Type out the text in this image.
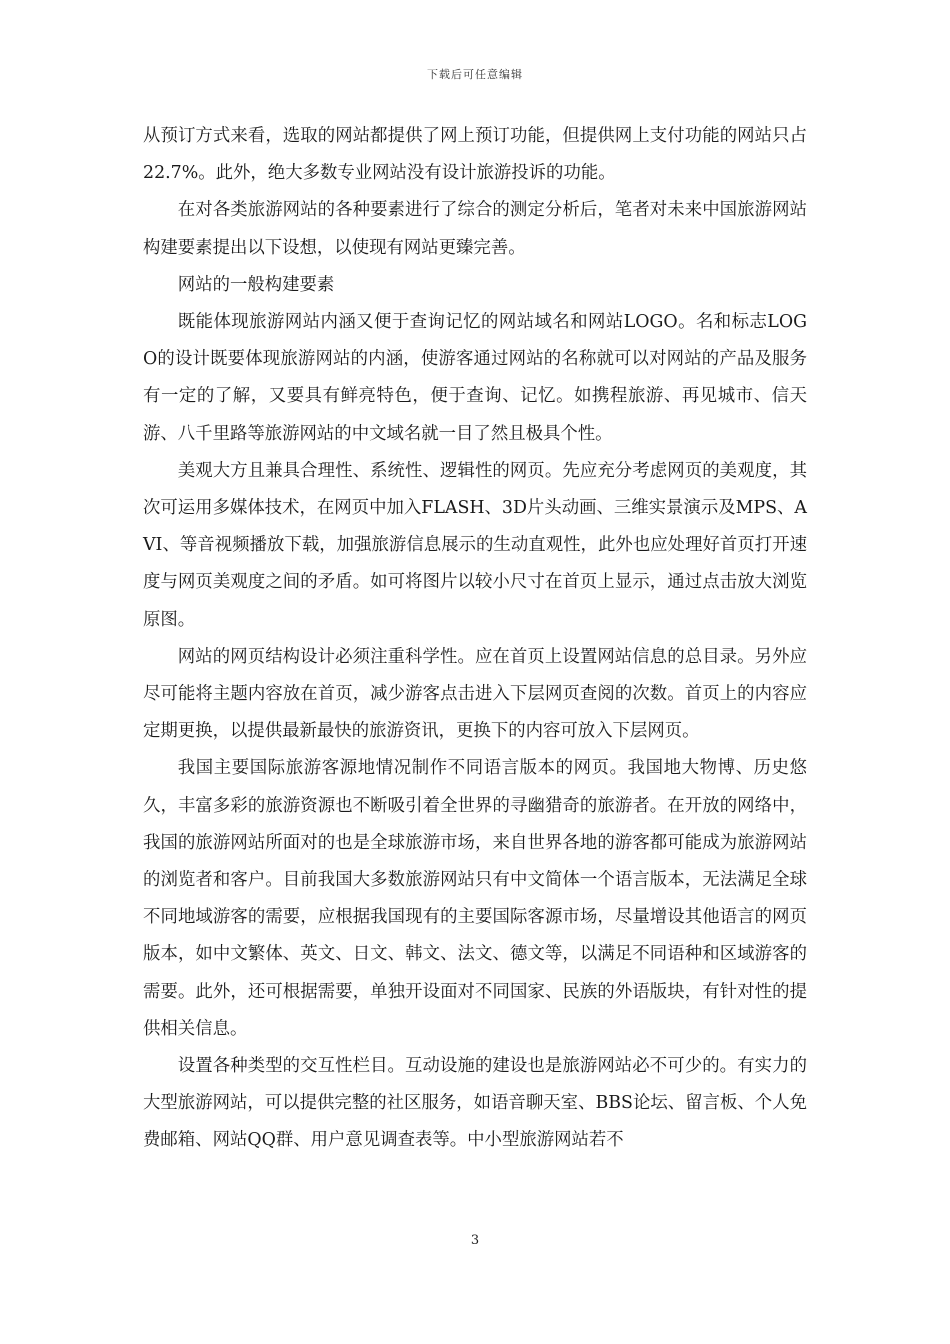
下载后可任意编辑

从预订方式来看，选取的网站都提供了网上预订功能，但提供网上支付功能的网站只占22.7%。此外，绝大多数专业网站没有设计旅游投诉的功能。

在对各类旅游网站的各种要素进行了综合的测定分析后，笔者对未来中国旅游网站构建要素提出以下设想，以使现有网站更臻完善。

网站的一般构建要素

既能体现旅游网站内涵又便于查询记忆的网站域名和网站LOGO。名和标志LOGO的设计既要体现旅游网站的内涵，使游客通过网站的名称就可以对网站的产品及服务有一定的了解，又要具有鲜亮特色，便于查询、记忆。如携程旅游、再见城市、信天游、八千里路等旅游网站的中文域名就一目了然且极具个性。

美观大方且兼具合理性、系统性、逻辑性的网页。先应充分考虑网页的美观度，其次可运用多媒体技术，在网页中加入FLASH、3D片头动画、三维实景演示及MPS、AVI、等音视频播放下载，加强旅游信息展示的生动直观性，此外也应处理好首页打开速度与网页美观度之间的矛盾。如可将图片以较小尺寸在首页上显示，通过点击放大浏览原图。

网站的网页结构设计必须注重科学性。应在首页上设置网站信息的总目录。另外应尽可能将主题内容放在首页，减少游客点击进入下层网页查阅的次数。首页上的内容应定期更换，以提供最新最快的旅游资讯，更换下的内容可放入下层网页。

我国主要国际旅游客源地情况制作不同语言版本的网页。我国地大物博、历史悠久，丰富多彩的旅游资源也不断吸引着全世界的寻幽猎奇的旅游者。在开放的网络中，我国的旅游网站所面对的也是全球旅游市场，来自世界各地的游客都可能成为旅游网站的浏览者和客户。目前我国大多数旅游网站只有中文简体一个语言版本，无法满足全球不同地域游客的需要，应根据我国现有的主要国际客源市场，尽量增设其他语言的网页版本，如中文繁体、英文、日文、韩文、法文、德文等，以满足不同语种和区域游客的需要。此外，还可根据需要，单独开设面对不同国家、民族的外语版块，有针对性的提供相关信息。

设置各种类型的交互性栏目。互动设施的建设也是旅游网站必不可少的。有实力的大型旅游网站，可以提供完整的社区服务，如语音聊天室、BBS论坛、留言板、个人免费邮箱、网站QQ群、用户意见调查表等。中小型旅游网站若不

3
